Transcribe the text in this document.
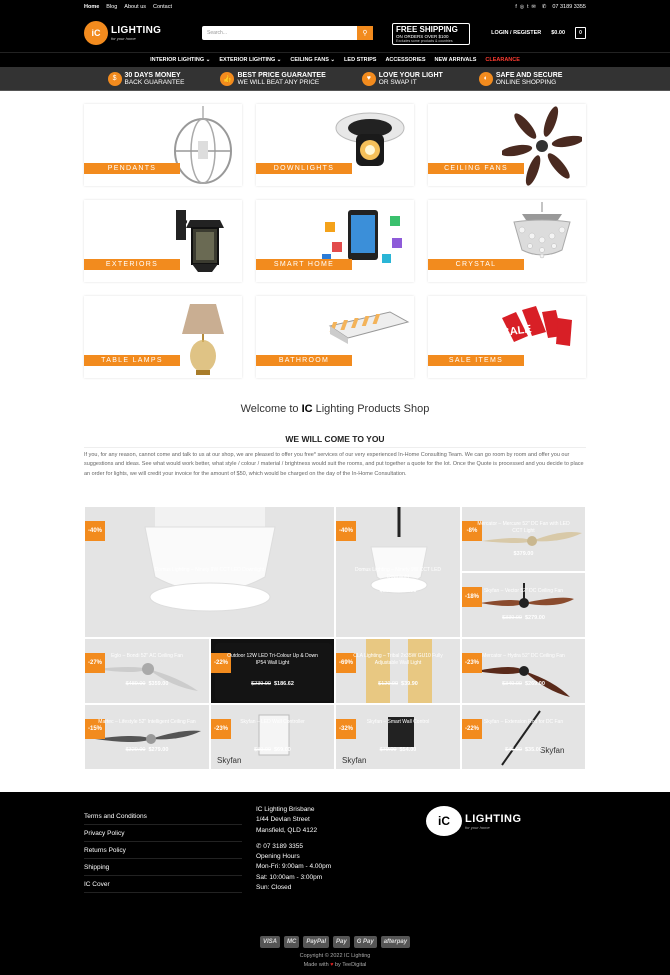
Home Blog About us Contact	f ◎ t ✉ ✆ 07 3189 3355
iC	LIGHTING
for your home
Search...	⚲	FREE SHIPPING
ON ORDERS OVER $100
Excludes some products & countries
LOGIN / REGISTER $0.00	0
INTERIOR LIGHTING ⌄ EXTERIOR LIGHTING ⌄ CEILING FANS ⌄ LED STRIPS ACCESSORIES NEW ARRIVALS CLEARANCE
$	30 DAYS MONEY
BACK GUARANTEE	👍
BEST PRICE GUARANTEE
WE WILL BEAT ANY PRICE	♥	LOVE YOUR LIGHT
OR SWAP IT	◐	SAFE AND SECURE
ONLINE SHOPPING
PENDANTS	DOWNLIGHTS	CEILING FANS
EXTERIORS	SMART HOME	CRYSTAL
TABLE LAMPS	BATHROOM
SALE
SALE ITEMS
Welcome to IC Lighting Products Shop
WE WILL COME TO YOU
If you, for any reason, cannot come and talk to us at our shop, we are pleased to offer you free* services of our very experienced In-Home Consulting Team. We can go room by room and offer you our suggestions and ideas. See what would work better, what style / colour / material / brightness would suit the rooms, and put together a quote for the lot. Once the Quote is processed and you decide to place an order for lights, we will credit your invoice for the amount of $50, which would be charged on the day of the In-Home Consultation.
-40%
Domus Lighting – Ninety 9W CCT LED Downlight
$25.00 $15.00
-40%
Domus Lighting – Ninety 9W CCT LED Downlight
$25.00 $14.95
-8%
Mercator – Mercure 52" DC Fan with LED CCT Light
$379.00
-18%
Skyfan – Vector 52" DC Ceiling Fan
$339.00 $279.00
-27%
Eglo – Bondi 52" AC Ceiling Fan
$489.00 $359.00
-22%
Outdoor 12W LED Tri-Colour Up & Down IP54 Wall Light
$239.90 $186.62
-69%
CLA Lighting – Tribal 2x35W GU10 Fully Adjustable Wall Light
$129.00 $39.90
-23%
Mercator – Hydra 52" DC Ceiling Fan
$349.00 $269.00
-15%
Martec – Lifestyle 52" Intelligent Ceiling Fan
$329.00 $279.00
Skyfan
-23%
Skyfan – LED Wall Controller
$89.00 $69.00
Skyfan
-32%
Skyfan – Smart Wall Control
$79.00 $54.00	Skyfan
-22%
Skyfan – Extension Rod for DC Fan
$45.00 $35.00
Terms and Conditions
Privacy Policy
Returns Policy
Shipping
IC Cover
IC Lighting Brisbane
1/44 Devlan Street
Mansfield, QLD 4122
✆ 07 3189 3355
Opening Hours
Mon-Fri: 9:00am - 4.00pm
Sat: 10:00am - 3:00pm
Sun: Closed
iC	LIGHTING
for your home
VISA	MC	PayPal	Pay	G Pay	afterpay
Copyright © 2022 IC Lighting
Made with ♥ by TeeDigital
